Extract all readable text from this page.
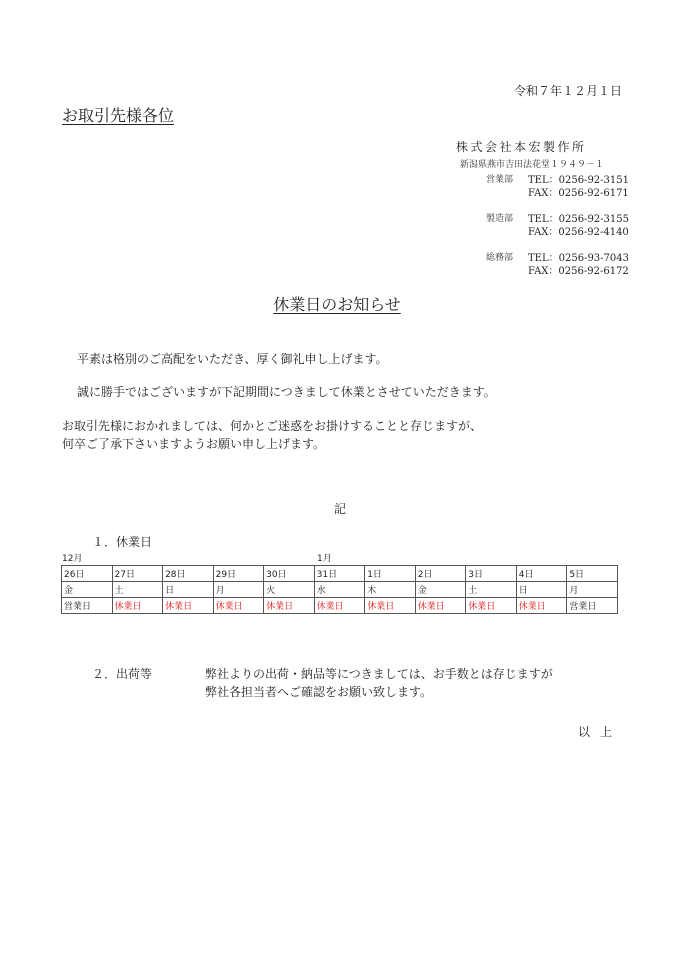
令和７年１２月１日
お取引先様各位
株式会社本宏製作所
新潟県燕市吉田法花堂１９４９－１
営業部 TEL：0256-92-3151
FAX：0256-92-6171
製造部 TEL：0256-92-3155
FAX：0256-92-4140
総務部 TEL：0256-93-7043
FAX：0256-92-6172
休業日のお知らせ
平素は格別のご高配をいただき、厚く御礼申し上げます。
誠に勝手ではございますが下記期間につきまして休業とさせていただきます。
お取引先様におかれましては、何かとご迷惑をお掛けすることと存じますが、
何卒ご了承下さいますようお願い申し上げます。
記
１．休業日
12月	1月
26日	27日	28日	29日	30日	31日	1日	2日	3日	4日	5日
金	土	日	月	火	水	木	金	土	日	月
営業日	休業日	休業日	休業日	休業日	休業日	休業日	休業日	休業日	休業日	営業日
２．出荷等	弊社よりの出荷・納品等につきましては、お手数とは存じますが
弊社各担当者へご確認をお願い致します。
以上
